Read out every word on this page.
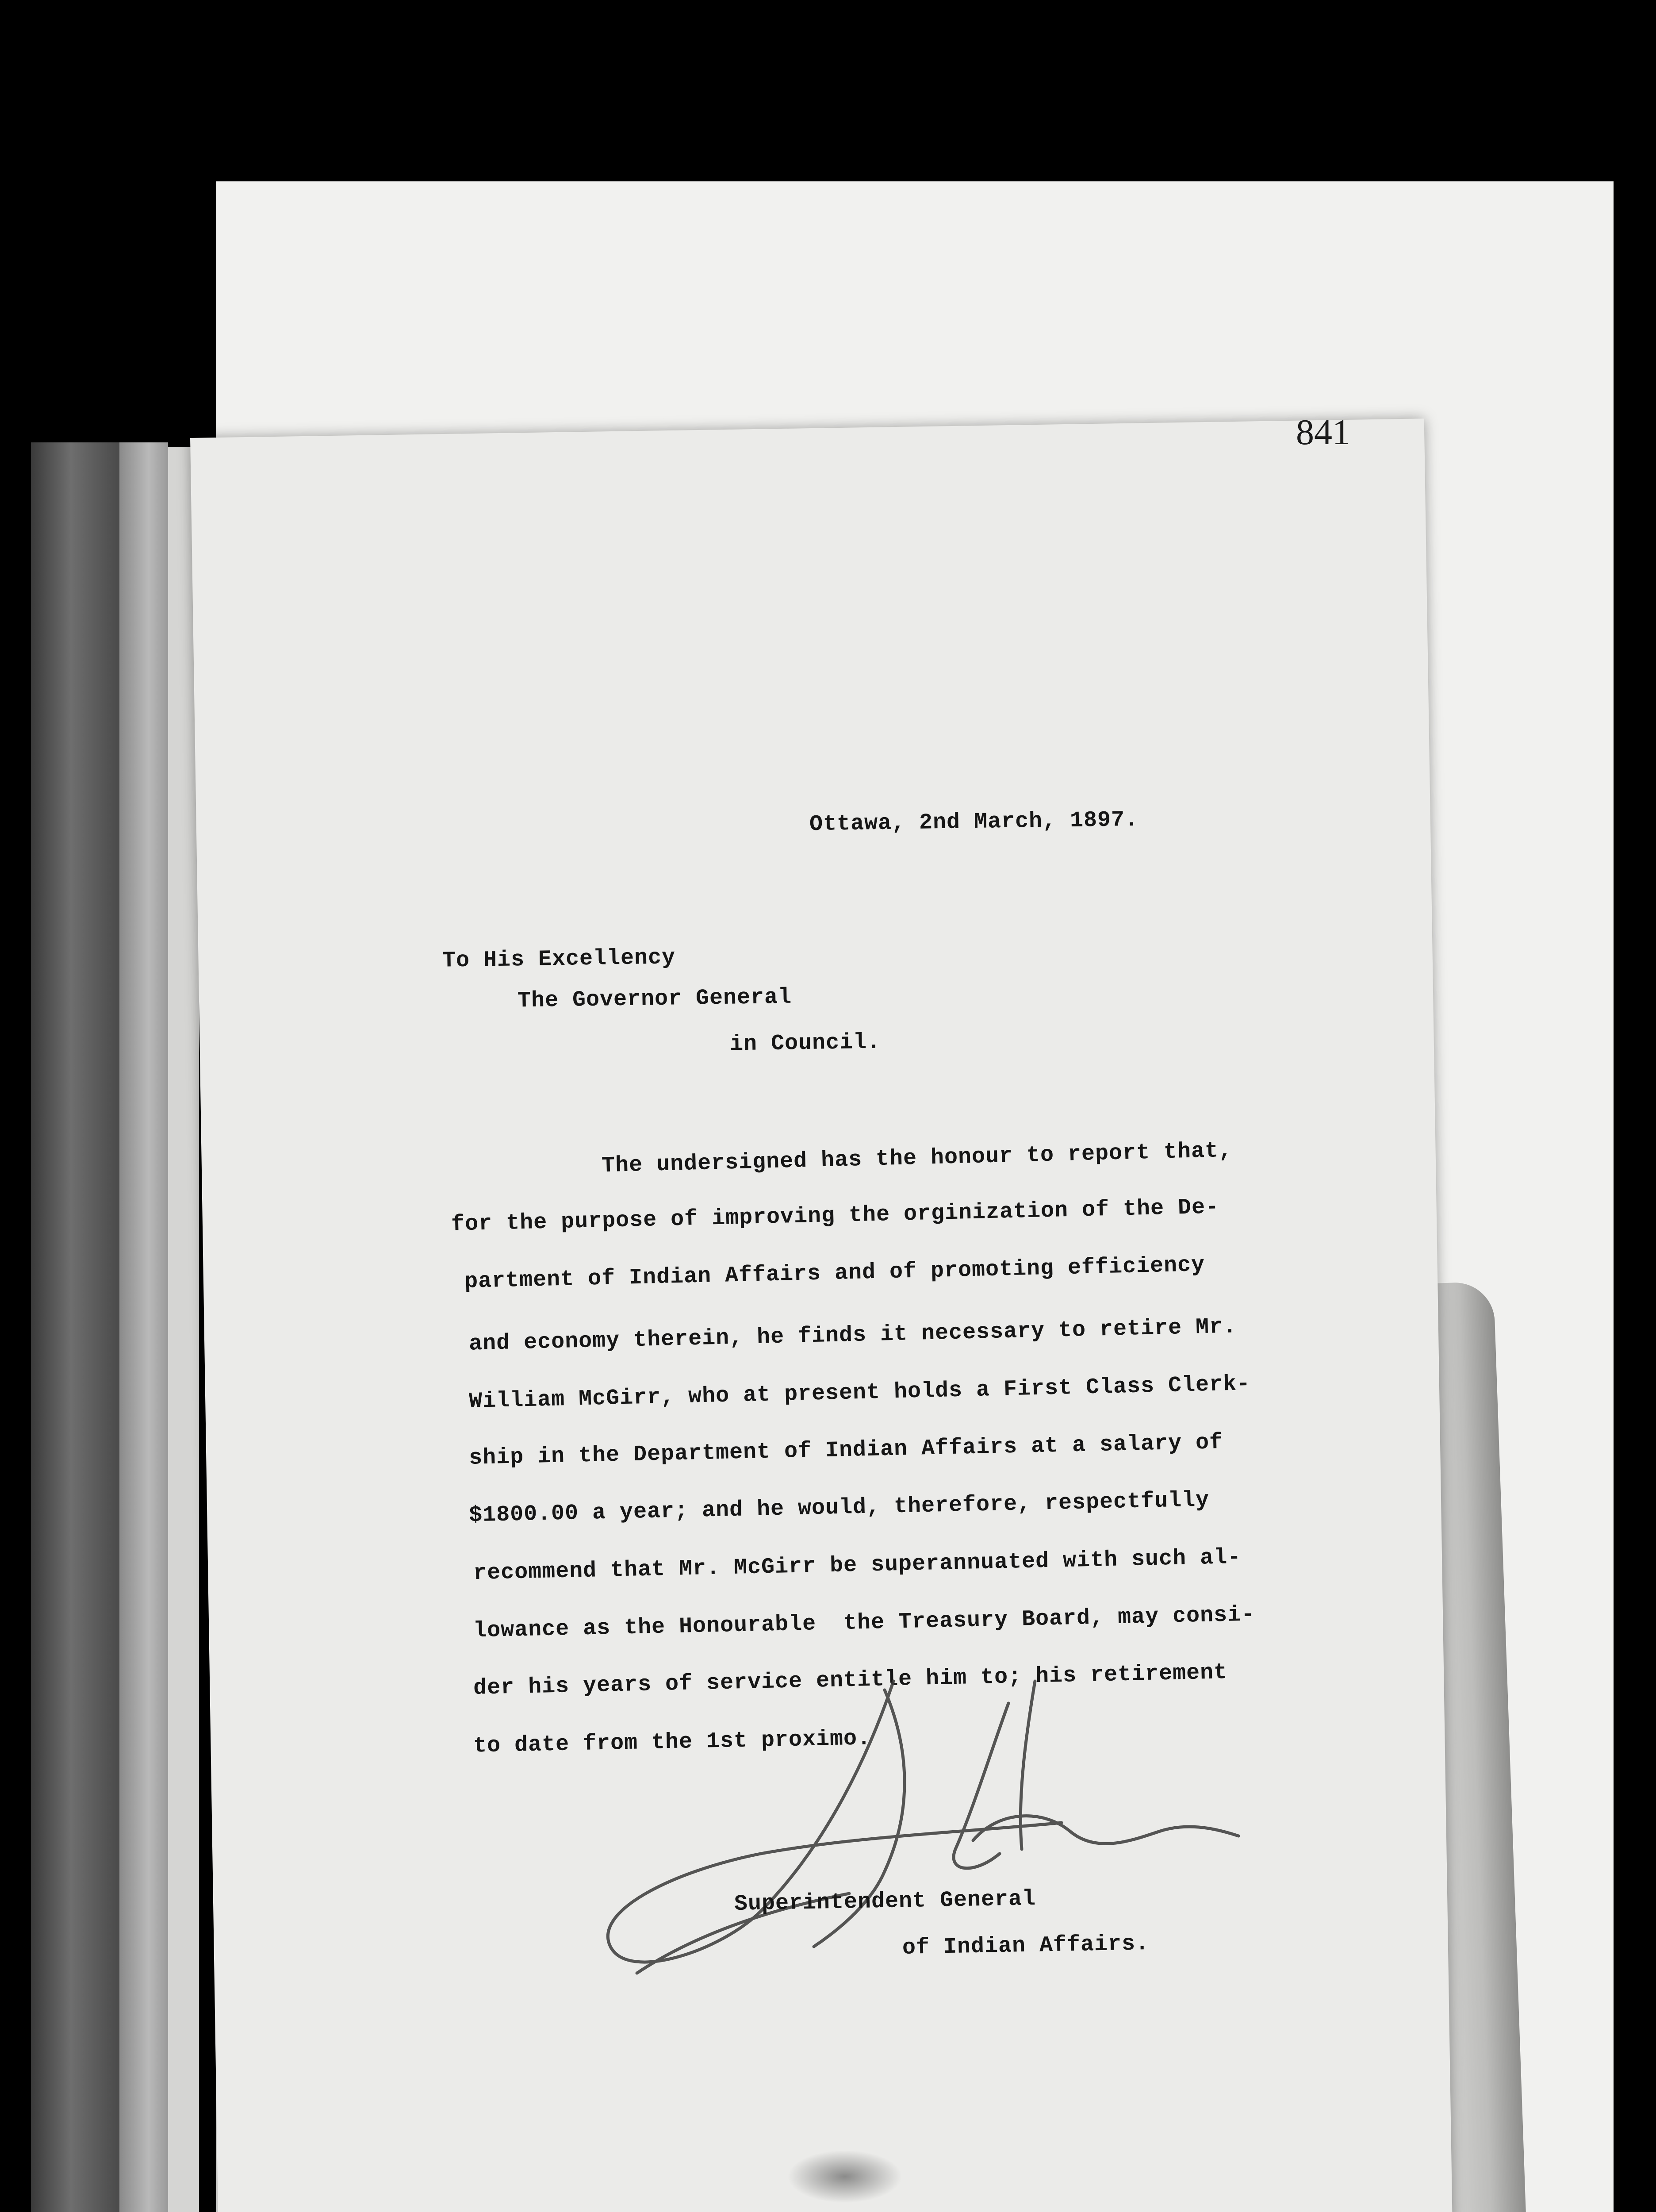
841
Ottawa, 2nd March, 1897.
To His Excellency
The Governor General
in Council.
The undersigned has the honour to report that,
for the purpose of improving the orginization of the De-
partment of Indian Affairs and of promoting efficiency
and economy therein, he finds it necessary to retire Mr.
William McGirr, who at present holds a First Class Clerk-
ship in the Department of Indian Affairs at a salary of
$1800.00 a year; and he would, therefore, respectfully
recommend that Mr. McGirr be superannuated with such al-
lowance as the Honourable  the Treasury Board, may consi-
der his years of service entitle him to; his retirement
to date from the 1st proximo.
Superintendent General
of Indian Affairs.
